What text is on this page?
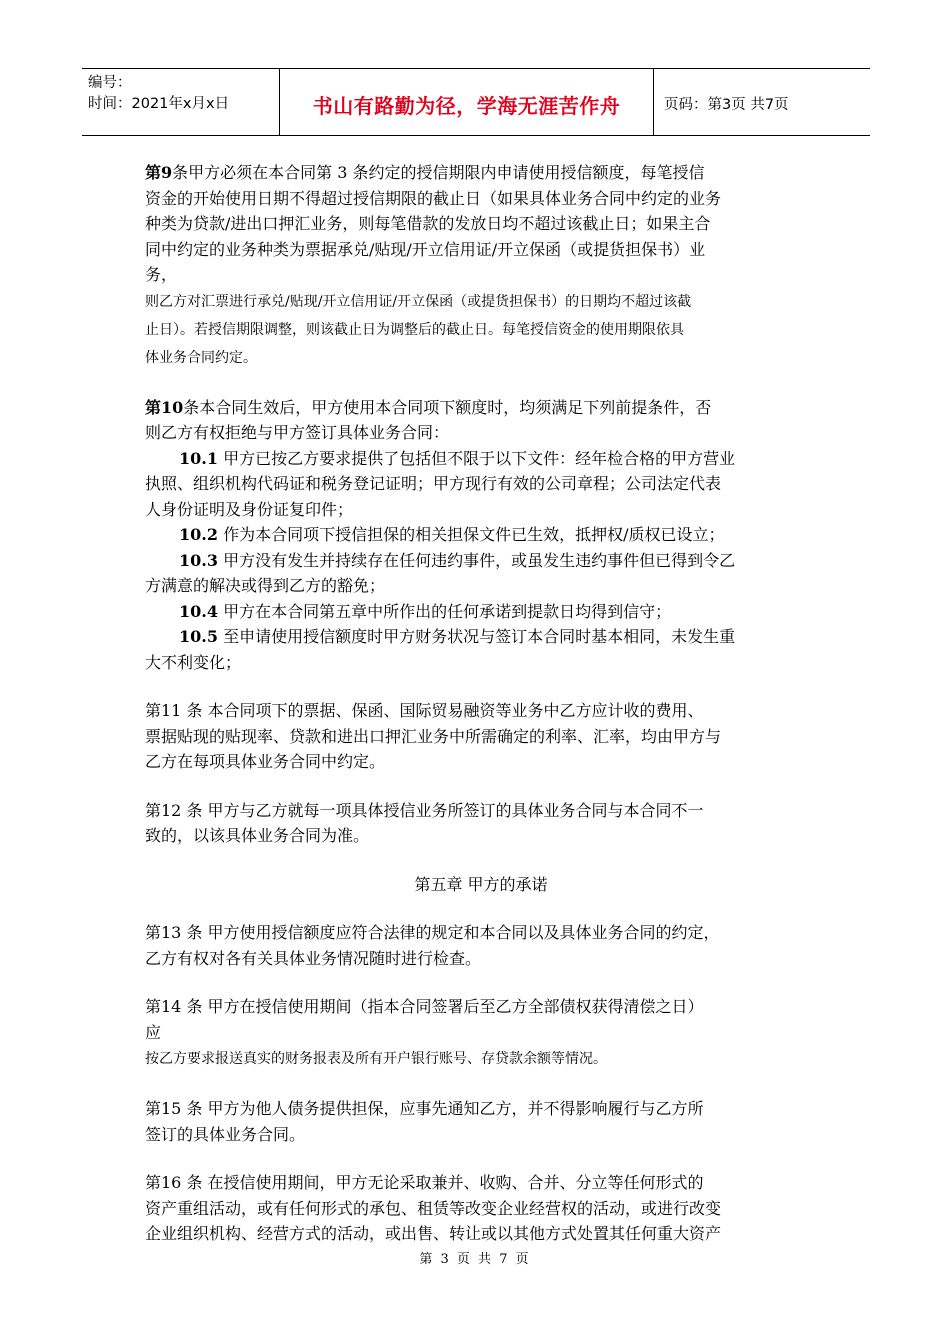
编号：
时间：2021年x月x日	书山有路勤为径，学海无涯苦作舟	页码：第3页 共7页

第9条甲方必须在本合同第 3 条约定的授信期限内申请使用授信额度，每笔授信

资金的开始使用日期不得超过授信期限的截止日（如果具体业务合同中约定的业务

种类为贷款/进出口押汇业务，则每笔借款的发放日均不超过该截止日；如果主合

同中约定的业务种类为票据承兑/贴现/开立信用证/开立保函（或提货担保书）业

务，

则乙方对汇票进行承兑/贴现/开立信用证/开立保函（或提货担保书）的日期均不超过该截

止日）。若授信期限调整，则该截止日为调整后的截止日。每笔授信资金的使用期限依具

体业务合同约定。

第10条本合同生效后，甲方使用本合同项下额度时，均须满足下列前提条件，否

则乙方有权拒绝与甲方签订具体业务合同：

10.1 甲方已按乙方要求提供了包括但不限于以下文件：经年检合格的甲方营业

执照、组织机构代码证和税务登记证明；甲方现行有效的公司章程；公司法定代表

人身份证明及身份证复印件；

10.2 作为本合同项下授信担保的相关担保文件已生效，抵押权/质权已设立；

10.3 甲方没有发生并持续存在任何违约事件，或虽发生违约事件但已得到令乙

方满意的解决或得到乙方的豁免；

10.4 甲方在本合同第五章中所作出的任何承诺到提款日均得到信守；

10.5 至申请使用授信额度时甲方财务状况与签订本合同时基本相同，未发生重

大不利变化；

第11 条 本合同项下的票据、保函、国际贸易融资等业务中乙方应计收的费用、

票据贴现的贴现率、贷款和进出口押汇业务中所需确定的利率、汇率，均由甲方与

乙方在每项具体业务合同中约定。

第12 条 甲方与乙方就每一项具体授信业务所签订的具体业务合同与本合同不一

致的，以该具体业务合同为准。

第五章 甲方的承诺

第13 条 甲方使用授信额度应符合法律的规定和本合同以及具体业务合同的约定，

乙方有权对各有关具体业务情况随时进行检查。

第14 条 甲方在授信使用期间（指本合同签署后至乙方全部债权获得清偿之日）

应

按乙方要求报送真实的财务报表及所有开户银行账号、存贷款余额等情况。

第15 条 甲方为他人债务提供担保，应事先通知乙方，并不得影响履行与乙方所

签订的具体业务合同。

第16 条 在授信使用期间，甲方无论采取兼并、收购、合并、分立等任何形式的

资产重组活动，或有任何形式的承包、租赁等改变企业经营权的活动，或进行改变

企业组织机构、经营方式的活动，或出售、转让或以其他方式处置其任何重大资产

第 3 页 共 7 页
